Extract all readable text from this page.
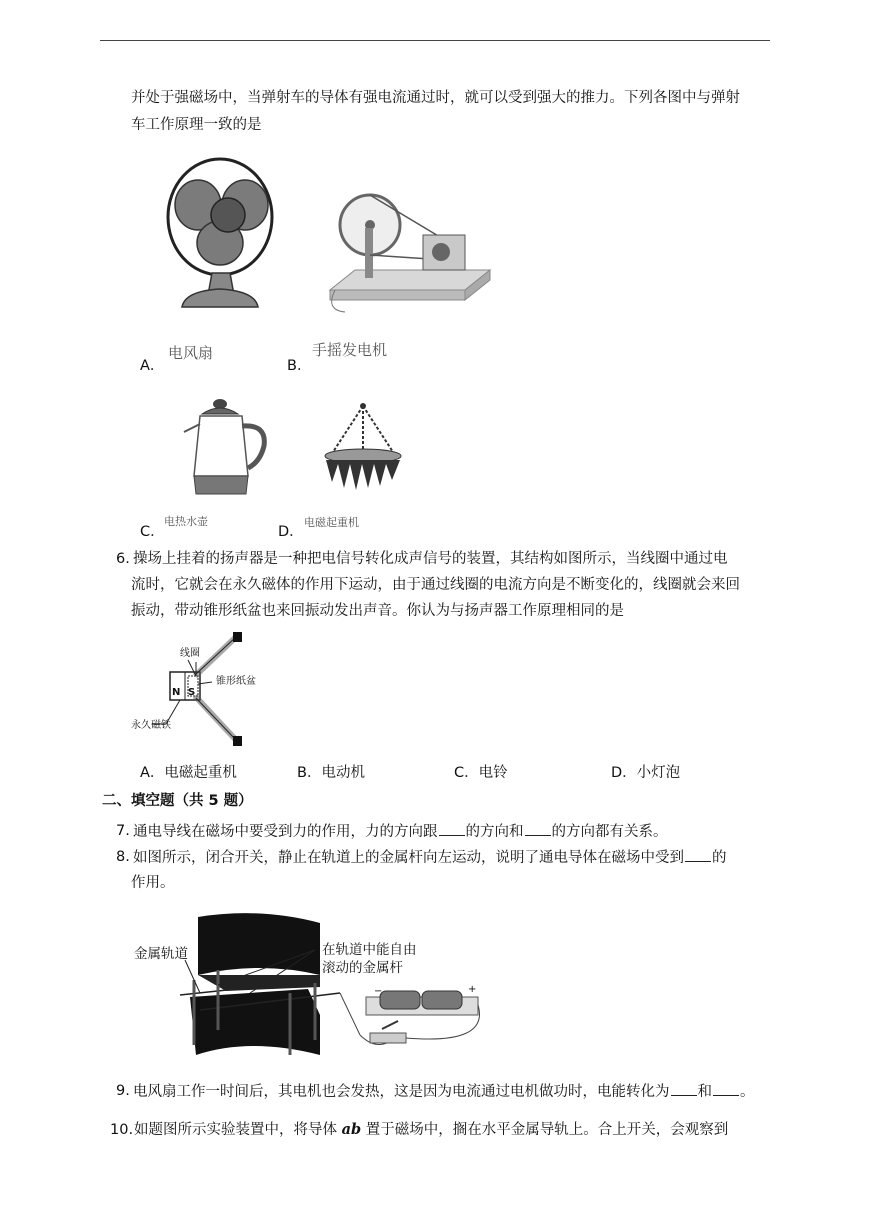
并处于强磁场中，当弹射车的导体有强电流通过时，就可以受到强大的推力。下列各图中与弹射
车工作原理一致的是
电风扇
A．
手摇发电机
B．
电热水壶
C．
电磁起重机
D．
6. 操场上挂着的扬声器是一种把电信号转化成声信号的装置，其结构如图所示，当线圈中通过电
流时，它就会在永久磁体的作用下运动，由于通过线圈的电流方向是不断变化的，线圈就会来回
振动，带动锥形纸盆也来回振动发出声音。你认为与扬声器工作原理相同的是
线圈
锥形纸盆
永久磁铁
N S
A．电磁起重机	B．电动机	C．电铃	D．小灯泡
二、填空题（共 5 题）
7. 通电导线在磁场中要受到力的作用，力的方向跟 的方向和 的方向都有关系。
8. 如图所示，闭合开关，静止在轨道上的金属杆向左运动，说明了通电导体在磁场中受到 的
作用。
金属轨道	在轨道中能自由
滚动的金属杆
−	+
9. 电风扇工作一时间后，其电机也会发热，这是因为电流通过电机做功时，电能转化为 和 。
10. 如题图所示实验装置中，将导体 ab 置于磁场中，搁在水平金属导轨上。合上开关，会观察到
